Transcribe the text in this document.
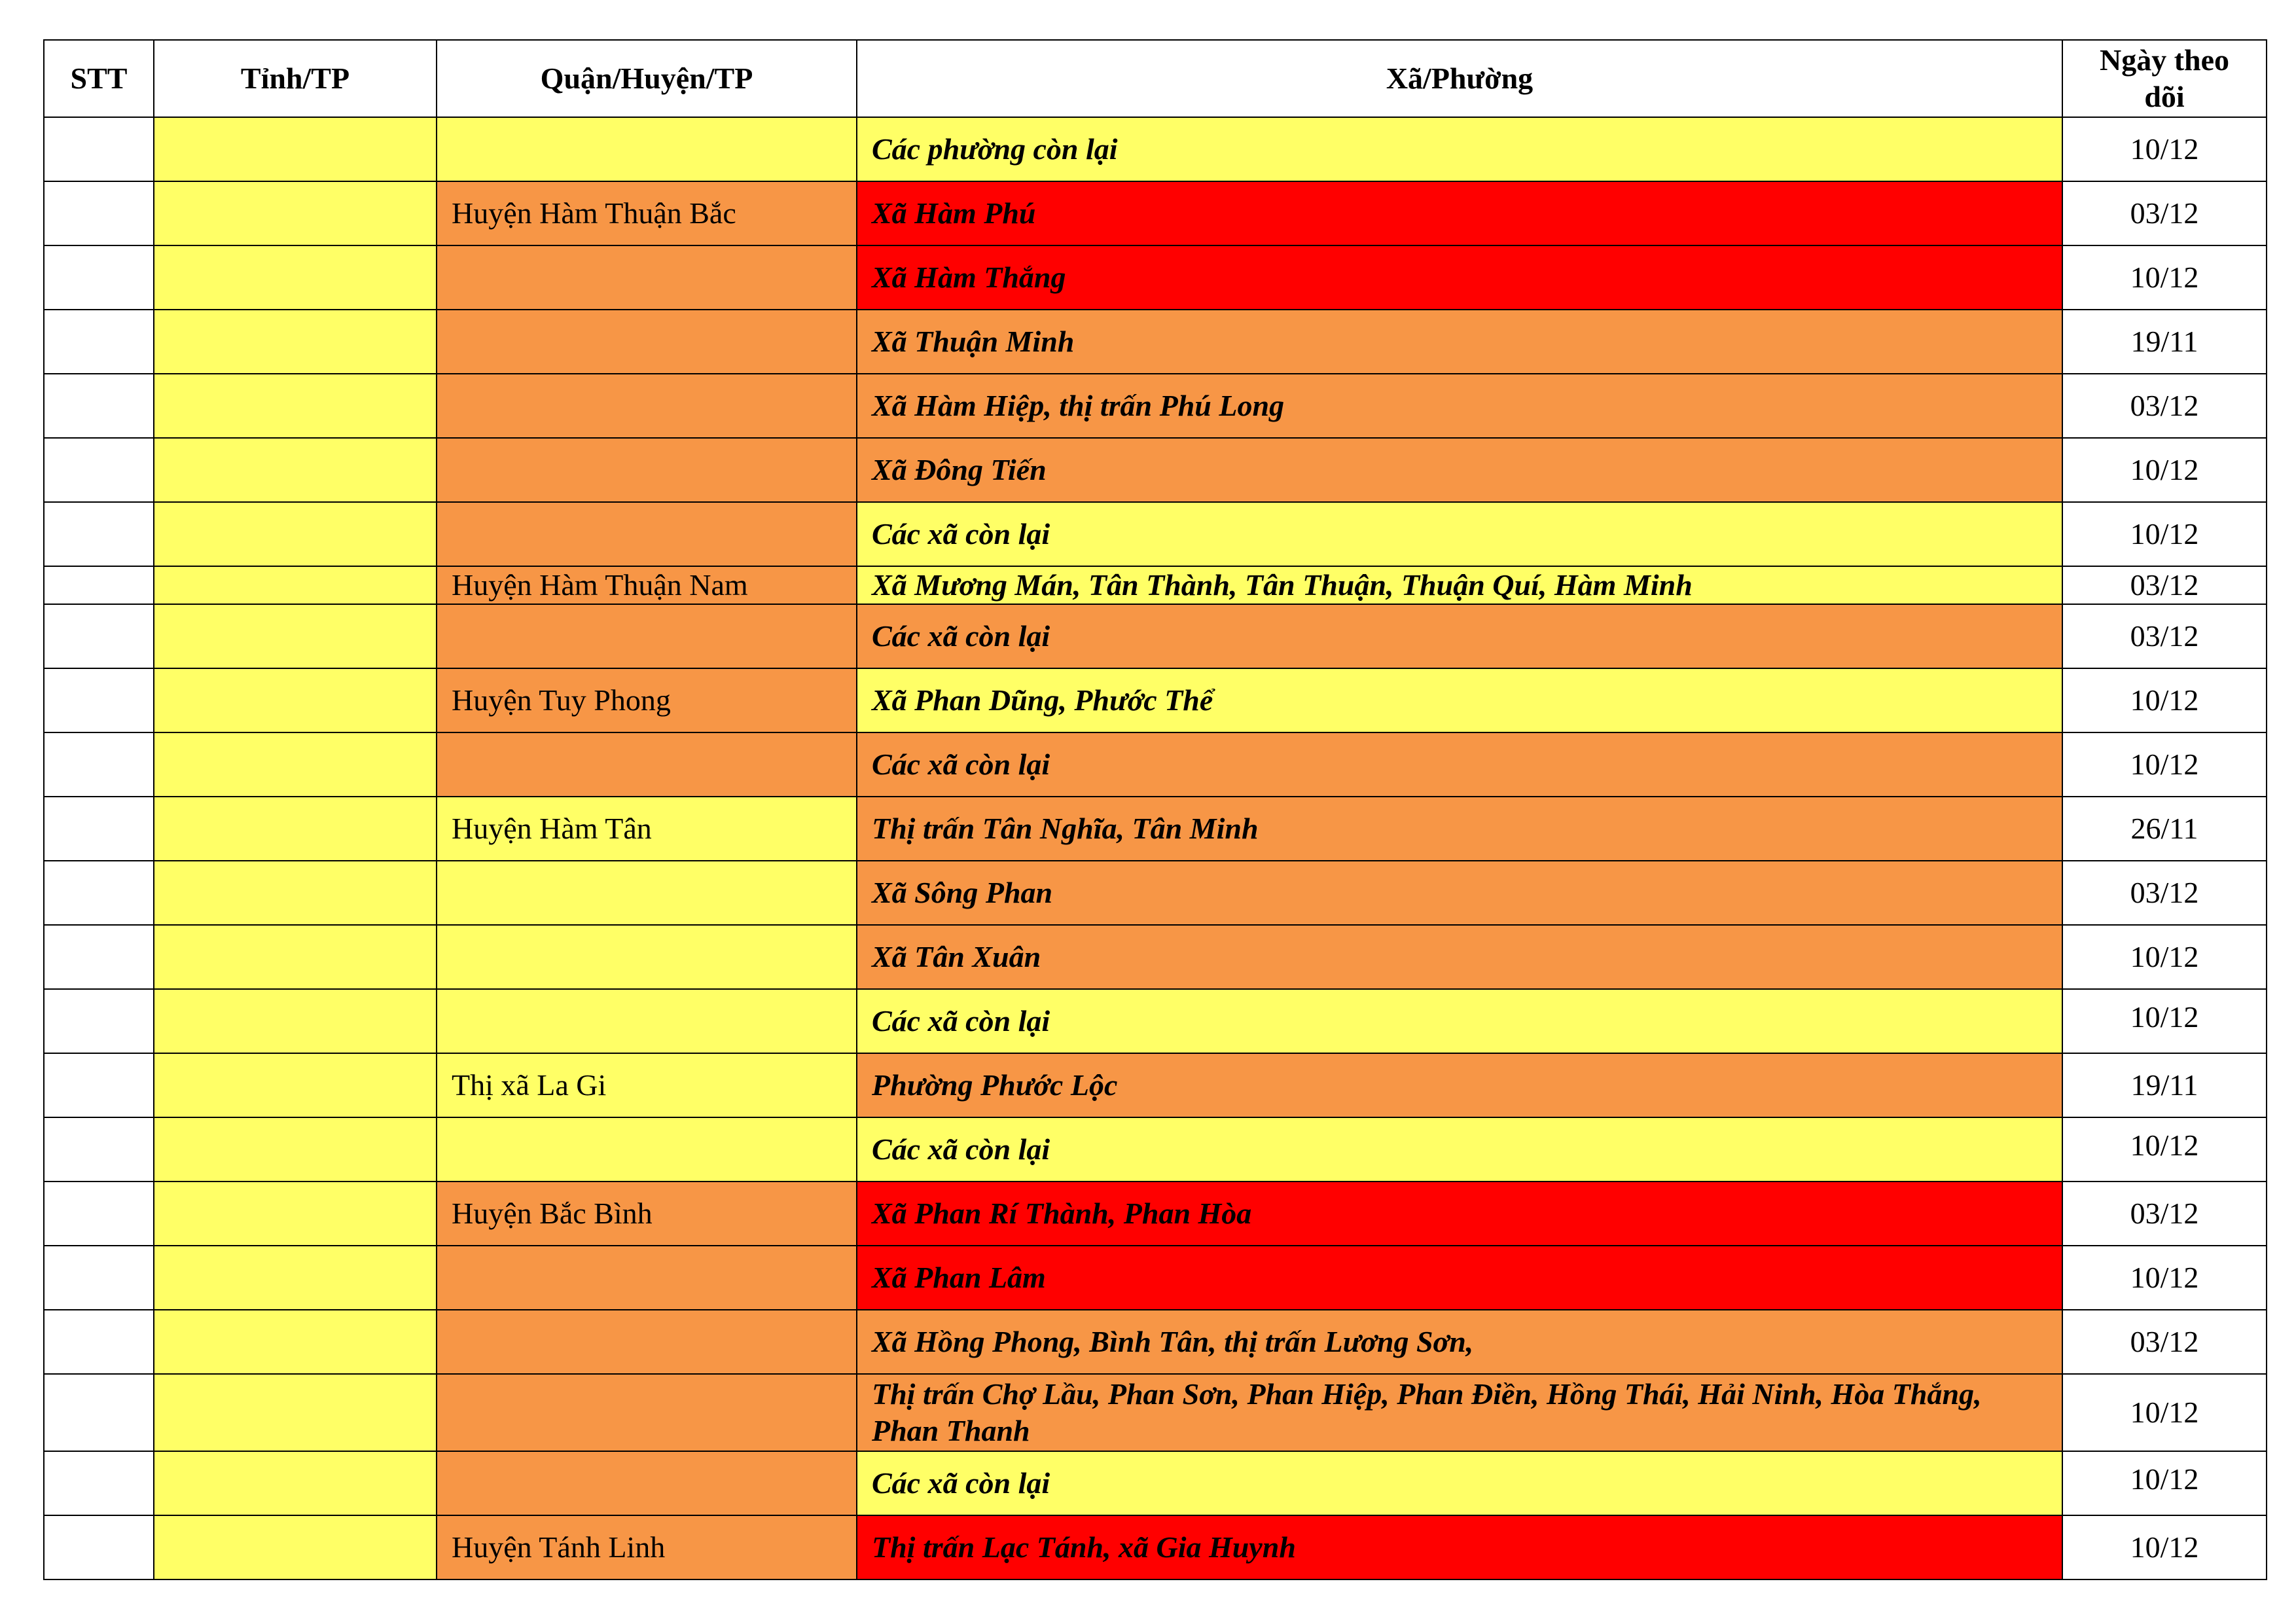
STT	Tỉnh/TP	Quận/Huyện/TP	Xã/Phường	Ngày theo dõi
			Các phường còn lại	10/12
		Huyện Hàm Thuận Bắc	Xã Hàm Phú	03/12
			Xã Hàm Thắng	10/12
			Xã Thuận Minh	19/11
			Xã Hàm Hiệp, thị trấn Phú Long	03/12
			Xã Đông Tiến	10/12
			Các xã còn lại	10/12
		Huyện Hàm Thuận Nam	Xã Mương Mán, Tân Thành, Tân Thuận, Thuận Quí, Hàm Minh	03/12
			Các xã còn lại	03/12
		Huyện Tuy Phong	Xã Phan Dũng, Phước Thể	10/12
			Các xã còn lại	10/12
		Huyện Hàm Tân	Thị trấn Tân Nghĩa, Tân Minh	26/11
			Xã Sông Phan	03/12
			Xã Tân Xuân	10/12
			Các xã còn lại	10/12
		Thị xã La Gi	Phường Phước Lộc	19/11
			Các xã còn lại	10/12
		Huyện Bắc Bình	Xã Phan Rí Thành, Phan Hòa	03/12
			Xã Phan Lâm	10/12
			Xã Hồng Phong, Bình Tân, thị trấn Lương Sơn,	03/12
			Thị trấn Chợ Lầu, Phan Sơn, Phan Hiệp, Phan Điền, Hồng Thái, Hải Ninh, Hòa Thắng, Phan Thanh	10/12
			Các xã còn lại	10/12
		Huyện Tánh Linh	Thị trấn Lạc Tánh, xã Gia Huynh	10/12
